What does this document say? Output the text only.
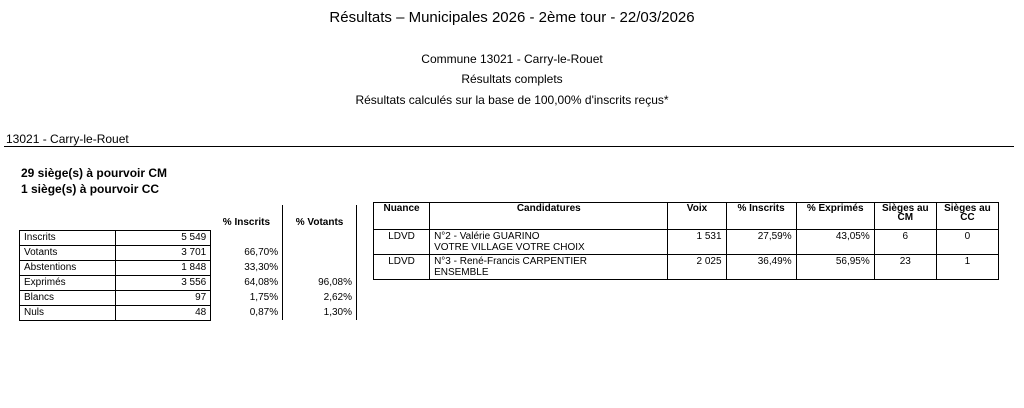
Résultats – Municipales 2026 - 2ème tour - 22/03/2026
Commune 13021 - Carry-le-Rouet
Résultats complets
Résultats calculés sur la base de 100,00% d'inscrits reçus*
13021 - Carry-le-Rouet
29 siège(s) à pourvoir CM
1 siège(s) à pourvoir CC
		% Inscrits	% Votants
Inscrits	5 549		
Votants	3 701	66,70%	
Abstentions	1 848	33,30%	
Exprimés	3 556	64,08%	96,08%
Blancs	97	1,75%	2,62%
Nuls	48	0,87%	1,30%
Nuance	Candidatures	Voix	% Inscrits	% Exprimés	Sièges au CM	Sièges au CC
LDVD	N°2 - Valérie GUARINO
VOTRE VILLAGE VOTRE CHOIX	1 531	27,59%	43,05%	6	0
LDVD	N°3 - René-Francis CARPENTIER
ENSEMBLE	2 025	36,49%	56,95%	23	1
